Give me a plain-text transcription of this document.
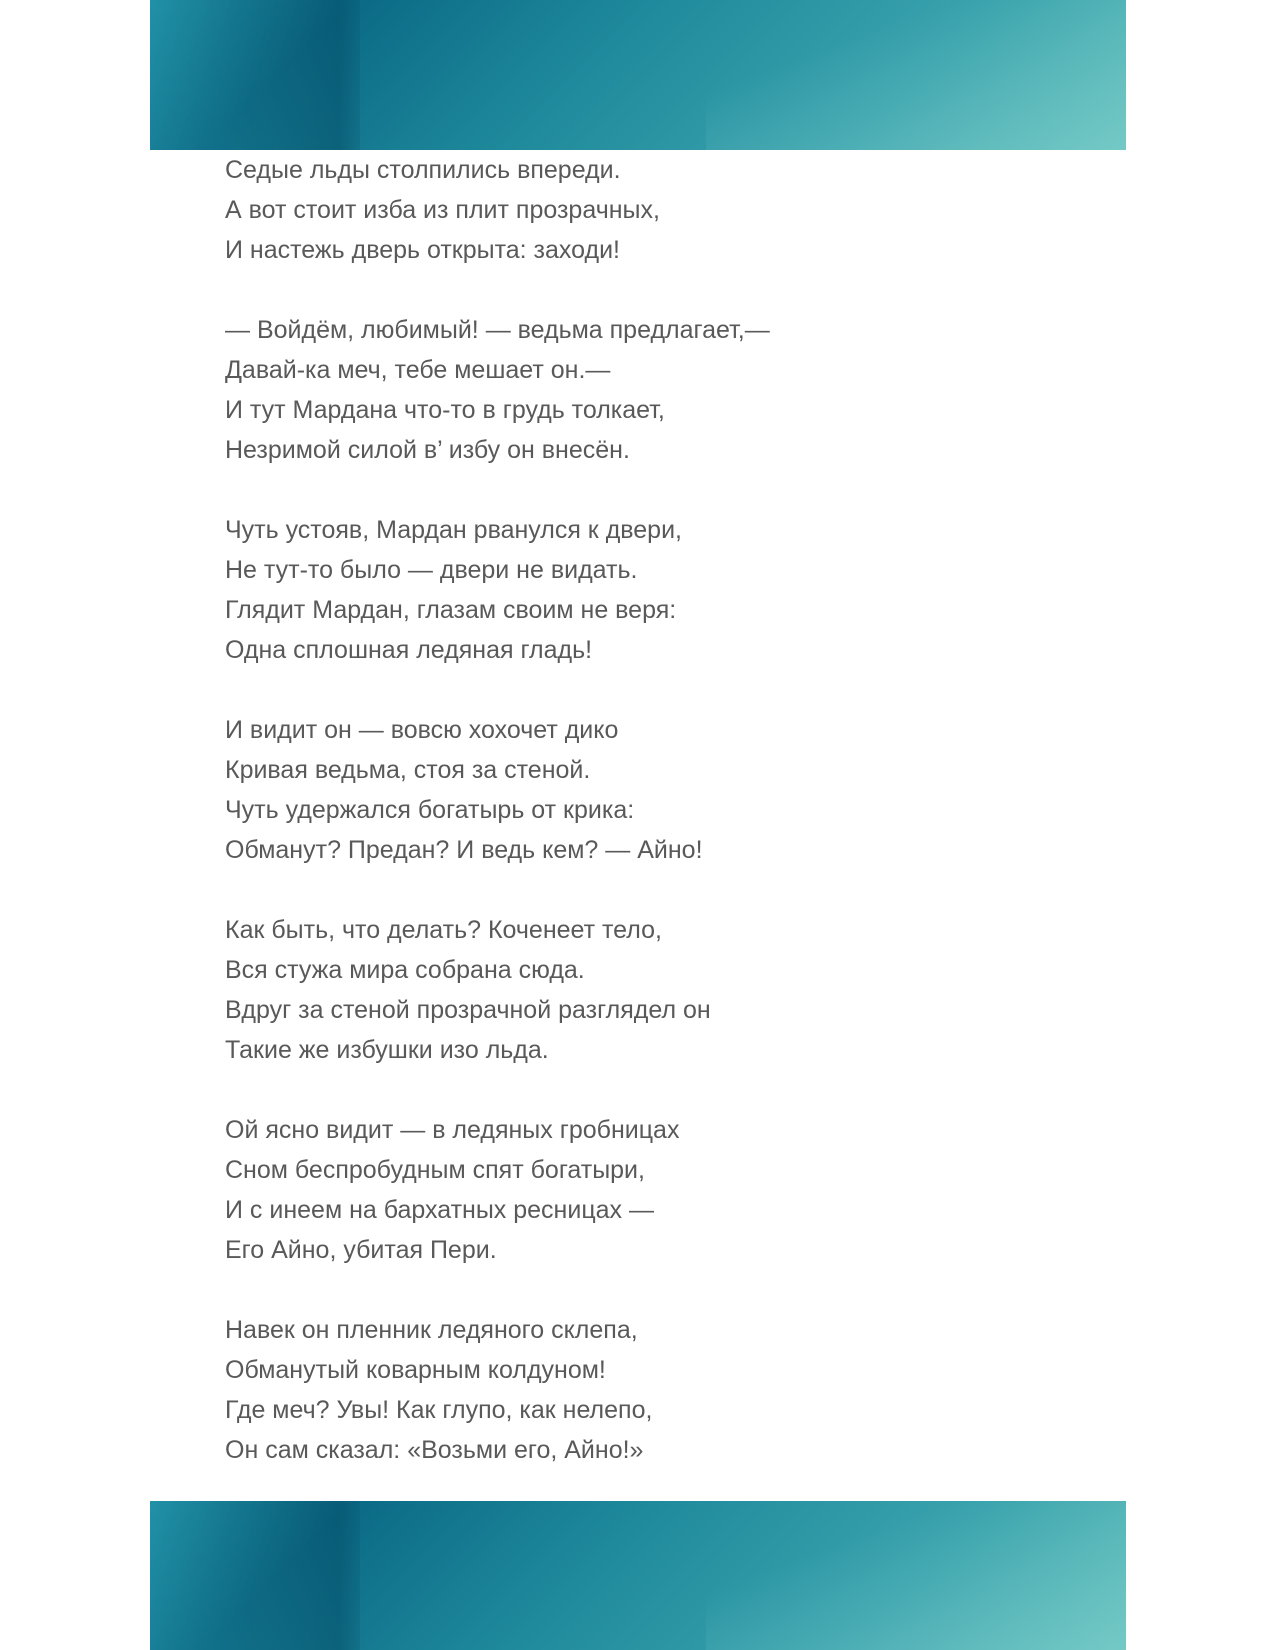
Седые льды столпились впереди.
А вот стоит изба из плит прозрачных,
И настежь дверь открыта: заходи!
— Войдём, любимый! — ведьма предлагает,—
Давай-ка меч, тебе мешает он.—
И тут Мардана что-то в грудь толкает,
Незримой силой в’ избу он внесён.
Чуть устояв, Мардан рванулся к двери,
Не тут-то было — двери не видать.
Глядит Мардан, глазам своим не веря:
Одна сплошная ледяная гладь!
И видит он — вовсю хохочет дико
Кривая ведьма, стоя за стеной.
Чуть удержался богатырь от крика:
Обманут? Предан? И ведь кем? — Айно!
Как быть, что делать? Коченеет тело,
Вся стужа мира собрана сюда.
Вдруг за стеной прозрачной разглядел он
Такие же избушки изо льда.
Ой ясно видит — в ледяных гробницах
Сном беспробудным спят богатыри,
И с инеем на бархатных ресницах —
Его Айно, убитая Пери.
Навек он пленник ледяного склепа,
Обманутый коварным колдуном!
Где меч? Увы! Как глупо, как нелепо,
Он сам сказал: «Возьми его, Айно!»
